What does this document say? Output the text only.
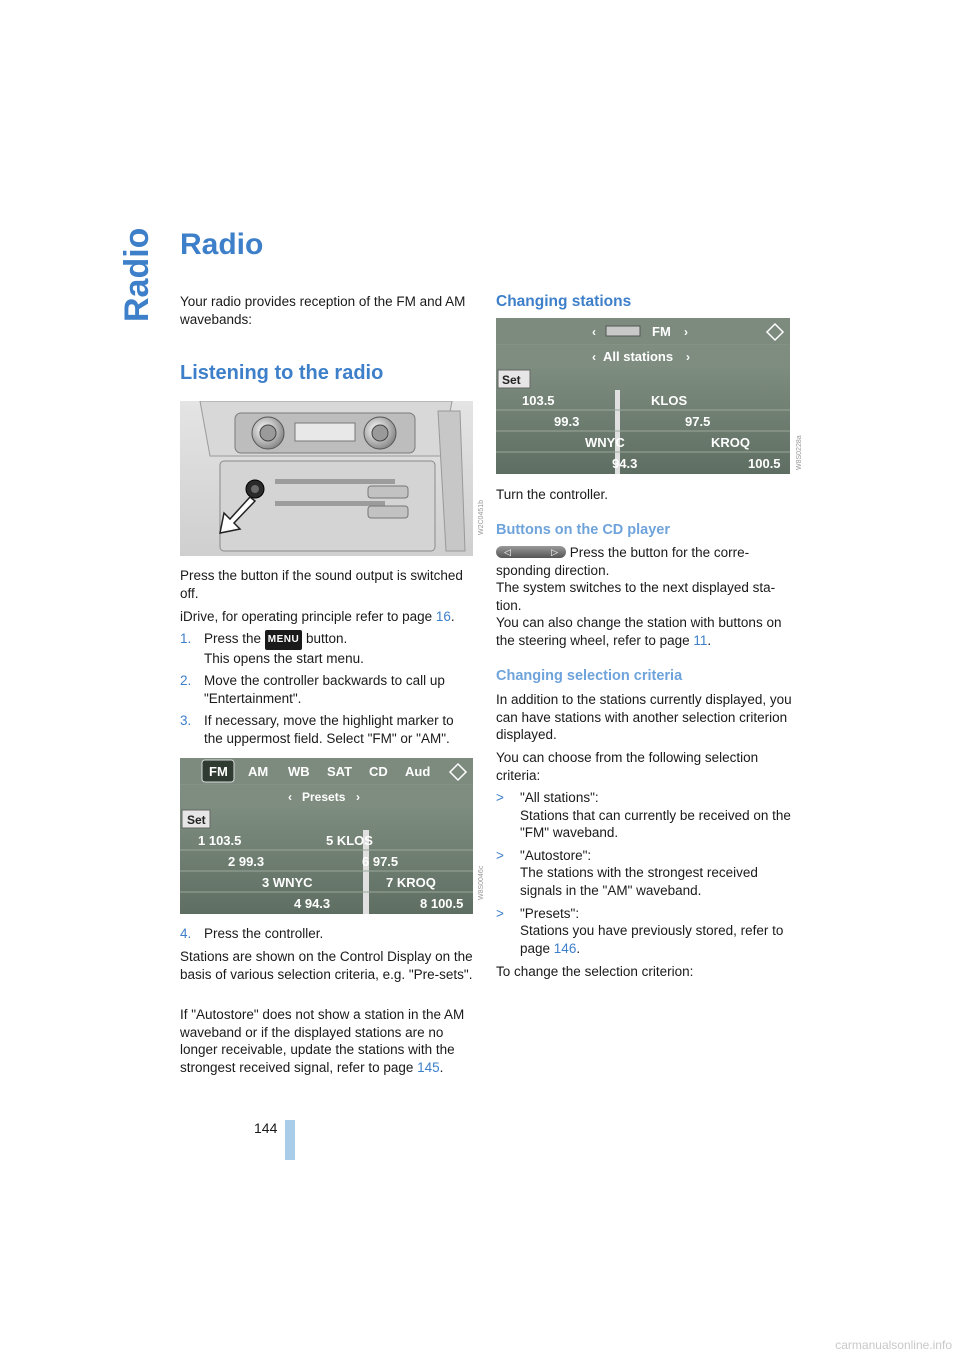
Radio Radio

Your radio provides reception of the FM and AM wavebands:

Listening to the radio
W2C0451b

Press the button if the sound output is switched off.

iDrive, for operating principle refer to page 16.

1. Press the MENU button.
This opens the start menu.

2. Move the controller backwards to call up "Entertainment".

3. If necessary, move the highlight marker to the uppermost field. Select "FM" or "AM".

FM AM WB SAT CD Aud
‹ Presets ›
Set
1 103.5
2 99.3
3 WNYC
4 94.3
5 KLOS
6 97.5
7 KROQ
8 100.5
W8S0046c

4. Press the controller.

Stations are shown on the Control Display on the basis of various selection criteria, e.g. "Pre-sets".

If "Autostore" does not show a station in the AM waveband or if the displayed stations are no longer receivable, update the stations with the strongest received signal, refer to page 145.

Changing stations
‹	FM ›
‹ All stations ›
Set
103.5
99.3
WNYC
94.3
KLOS
97.5
KROQ
100.5 W8S0228a

Turn the controller.

Buttons on the CD player

◁	▷ Press the button for the corre-sponding direction.

The system switches to the next displayed sta-tion.

You can also change the station with buttons on the steering wheel, refer to page 11.

Changing selection criteria

In addition to the stations currently displayed, you can have stations with another selection criterion displayed.

You can choose from the following selection criteria:

> "All stations":
Stations that can currently be received on the "FM" waveband.

> "Autostore":
The stations with the strongest received signals in the "AM" waveband.

> "Presets":
Stations you have previously stored, refer to page 146.

To change the selection criterion:

144
carmanualsonline.info
